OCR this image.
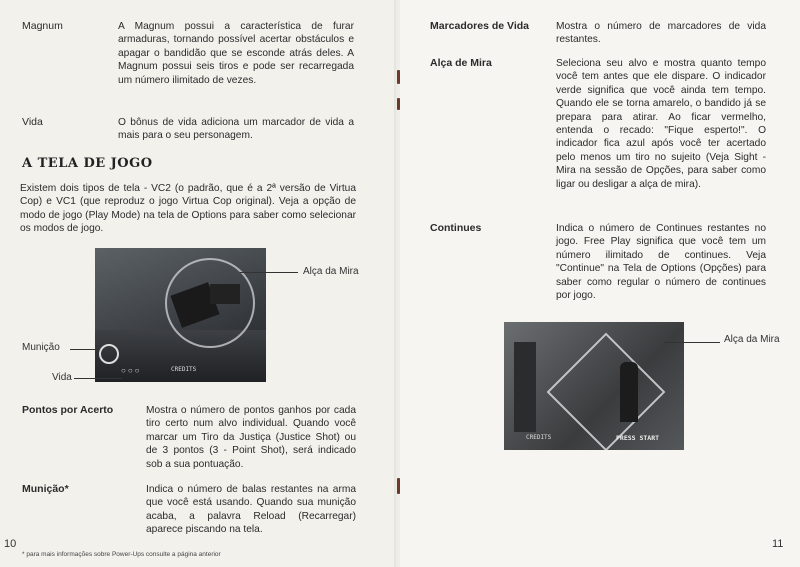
Magnum	A Magnum possui a característica de furar armaduras, tornando possível acertar obstáculos e apagar o bandidão que se esconde atrás deles. A Magnum possui seis tiros e pode ser recarregada um número ilimitado de vezes.
Vida	O bônus de vida adiciona um marcador de vida a mais para o seu personagem.
A TELA DE JOGO
Existem dois tipos de tela - VC2 (o padrão, que é a 2ª versão de Virtua Cop) e VC1 (que reproduz o jogo Virtua Cop original). Veja a opção de modo de jogo (Play Mode) na tela de Options para saber como selecionar os modos de jogo.
○○○	CREDITS
Alça da Mira
Munição
Vida
Pontos por Acerto	Mostra o número de pontos ganhos por cada tiro certo num alvo individual. Quando você marcar um Tiro da Justiça (Justice Shot) ou de 3 pontos (3 - Point Shot), será indicado sob a sua pontuação.
Munição*	Indica o número de balas restantes na arma que você está usando. Quando sua munição acaba, a palavra Reload (Recarregar) aparece piscando na tela.
10
* para mais informações sobre Power-Ups consulte a página anterior
Marcadores de Vida	Mostra o número de marcadores de vida restantes.
Alça de Mira	Seleciona seu alvo e mostra quanto tempo você tem antes que ele dispare. O indicador verde significa que você ainda tem tempo. Quando ele se torna amarelo, o bandido já se prepara para atirar. Ao ficar vermelho, entenda o recado: "Fique esperto!". O indicador fica azul após você ter acertado pelo menos um tiro no sujeito (Veja Sight - Mira na sessão de Opções, para saber como ligar ou desligar a alça de mira).
Continues	Indica o número de Continues restantes no jogo. Free Play significa que você tem um número ilimitado de continues. Veja "Continue" na Tela de Options (Opções) para saber como regular o número de continues por jogo.
CREDITS	PRESS START
Alça da Mira
11
